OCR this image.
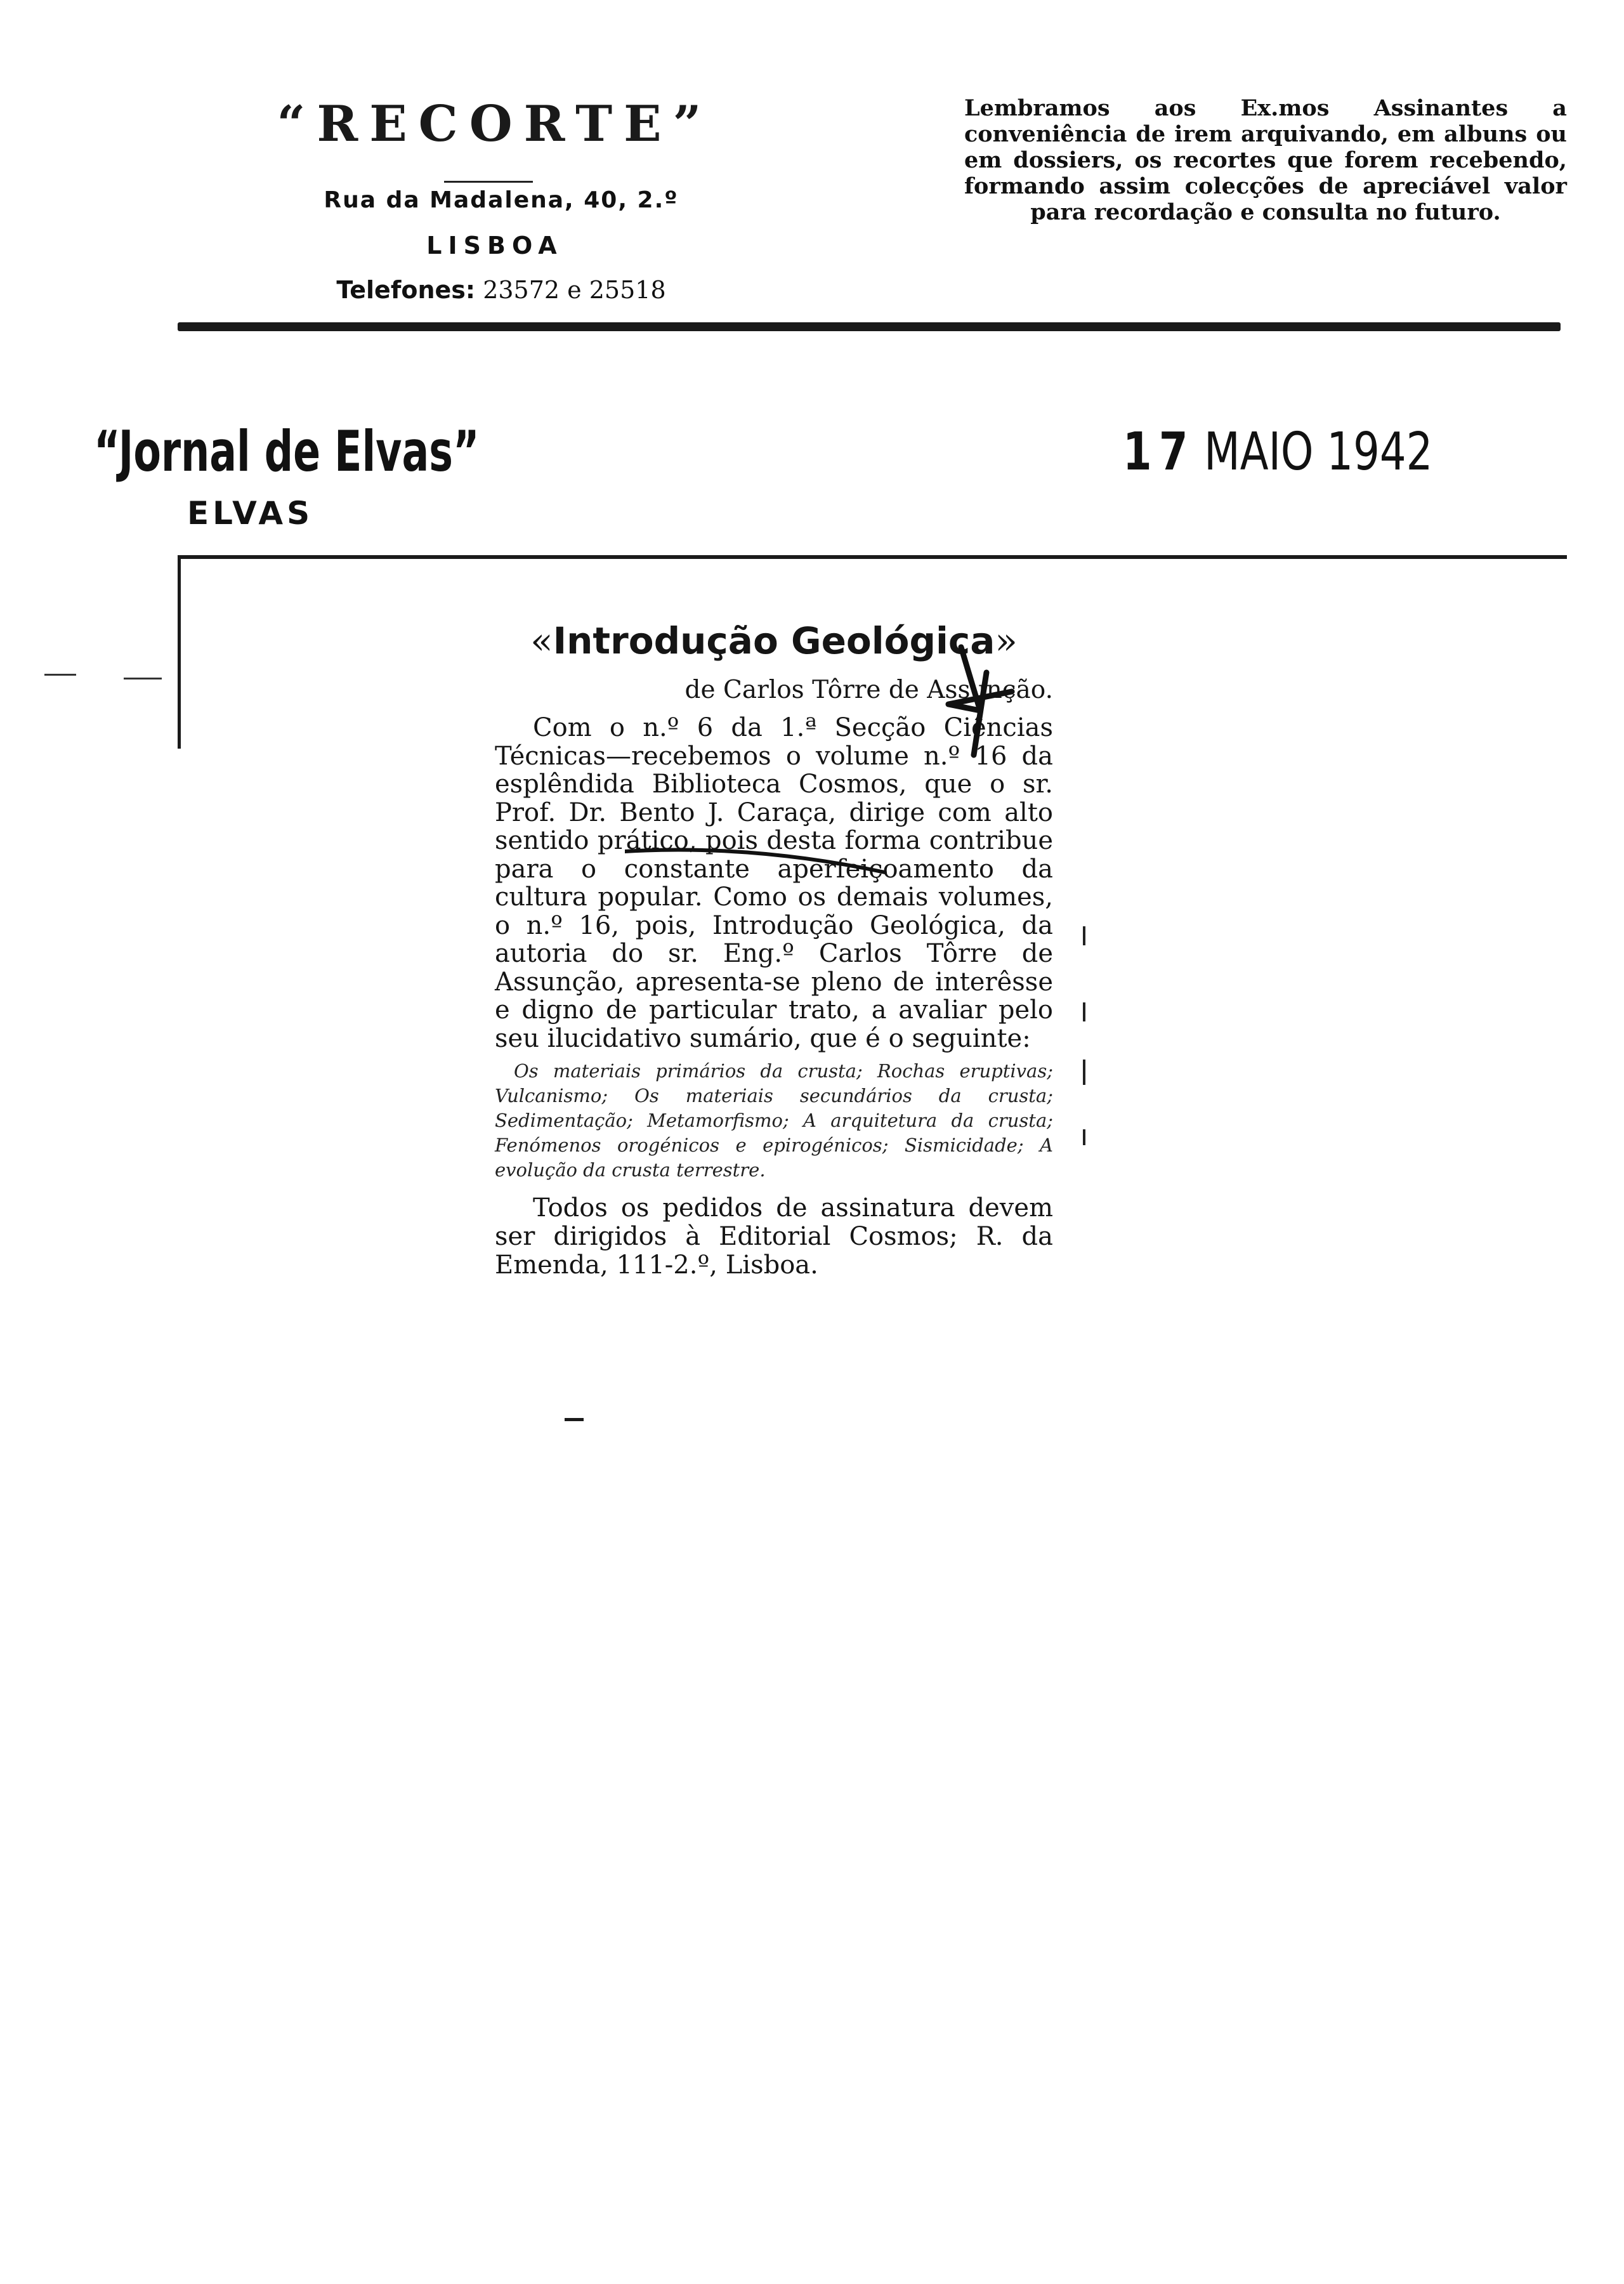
“RECORTE”
Rua da Madalena, 40, 2.º
LISBOA
Telefones: 23572 e 25518
Lembramos aos Ex.mos Assinantes a conveniência de irem arquivando, em albuns ou em dossiers, os recortes que forem recebendo, formando assim colecções de apreciável valor para recordação e consulta no futuro.
“Jornal de Elvas”
ELVAS
17 MAIO 1942
«Introdução Geológica»
de Carlos Tôrre de Assunção.
Com o n.º 6 da 1.ª Secção Ciências Técnicas—recebemos o volume n.º 16 da esplêndida Biblioteca Cosmos, que o sr. Prof. Dr. Bento J. Caraça, dirige com alto sentido prático, pois desta forma contribue para o constante aperfeiçoamento da cultura popular. Como os demais volumes, o n.º 16, pois, Introdução Geológica, da autoria do sr. Eng.º Carlos Tôrre de Assunção, apresenta-se pleno de interêsse e digno de particular trato, a avaliar pelo seu ilucidativo sumário, que é o seguinte:
Os materiais primários da crusta; Rochas eruptivas; Vulcanismo; Os materiais secundários da crusta; Sedimentação; Metamorfismo; A arquitetura da crusta; Fenómenos orogénicos e epirogénicos; Sismicidade; A evolução da crusta terrestre.
Todos os pedidos de assinatura devem ser dirigidos à Editorial Cosmos; R. da Emenda, 111-2.º, Lisboa.
